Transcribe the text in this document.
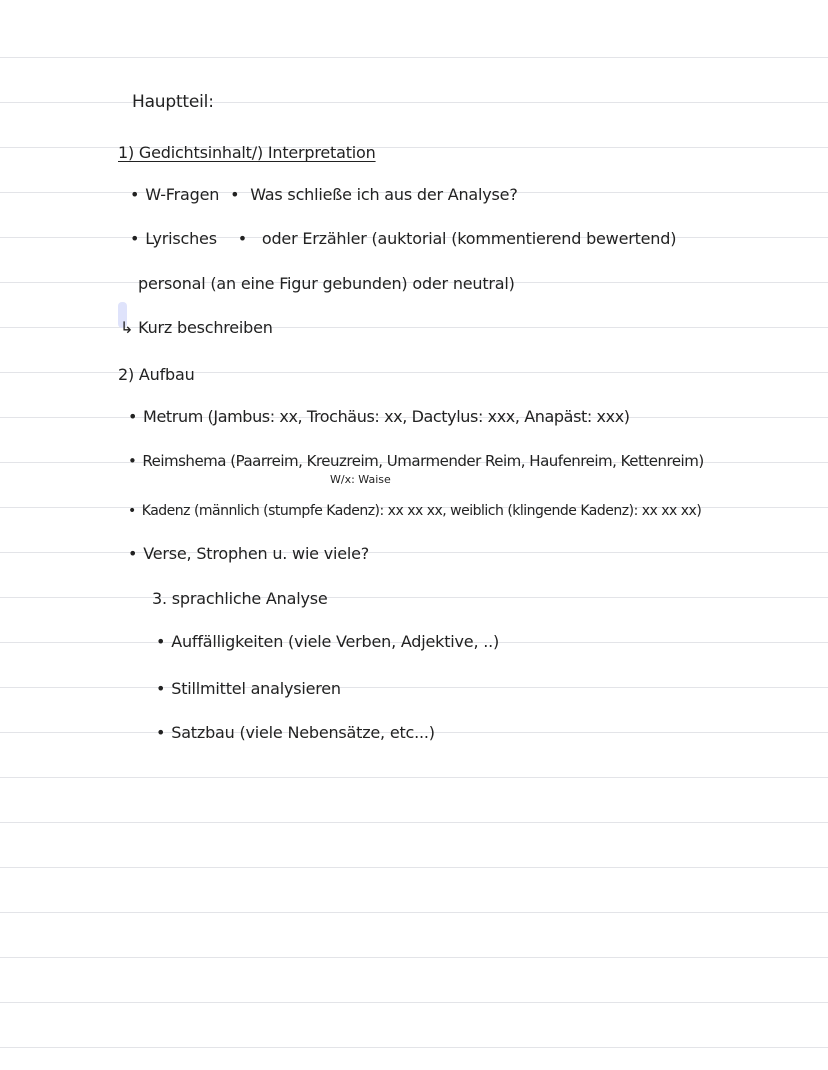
Hauptteil:
1) Gedichtsinhalt/) Interpretation
• W-Fragen • Was schließe ich aus der Analyse?
• Lyrisches • oder Erzähler (auktorial (kommentierend bewertend)
personal (an eine Figur gebunden) oder neutral)
↳ Kurz beschreiben
2) Aufbau
• Metrum (Jambus: xx, Trochäus: xx, Dactylus: xxx, Anapäst: xxx)
• Reimshema (Paarreim, Kreuzreim, Umarmender Reim, Haufenreim, Kettenreim)
W/x: Waise
• Kadenz (männlich (stumpfe Kadenz): xx xx xx, weiblich (klingende Kadenz): xx xx xx)
• Verse, Strophen u. wie viele?
3. sprachliche Analyse
• Auffälligkeiten (viele Verben, Adjektive, ..)
• Stillmittel analysieren
• Satzbau (viele Nebensätze, etc...)
